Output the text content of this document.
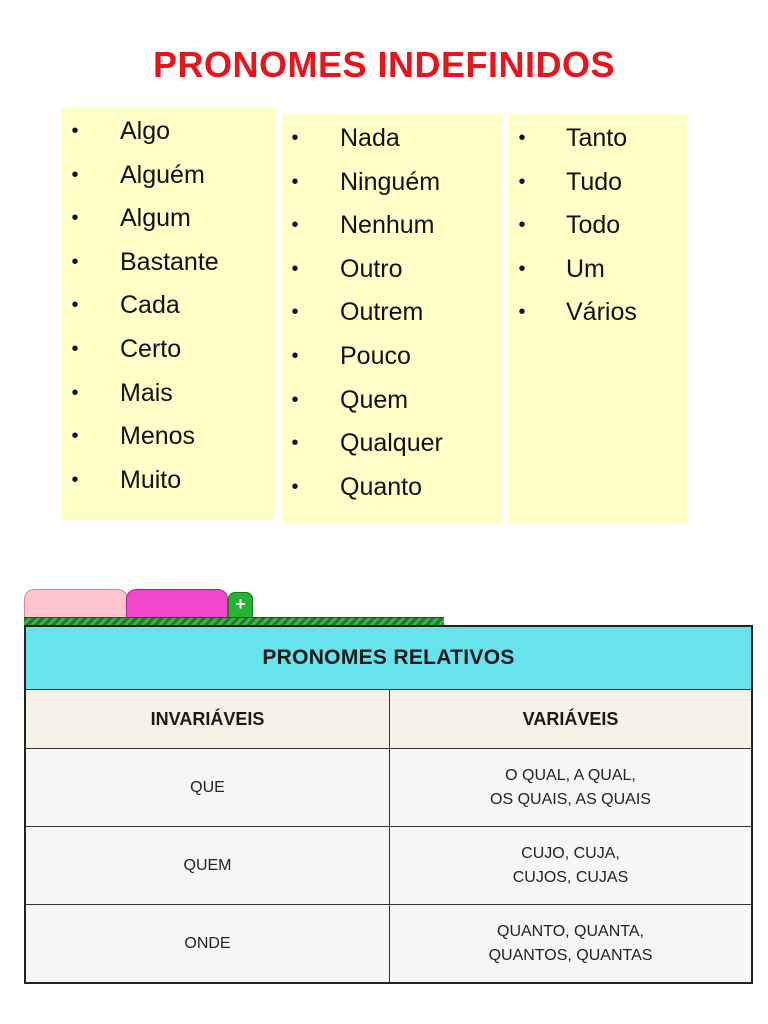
PRONOMES INDEFINIDOS
• Algo
• Alguém
• Algum
• Bastante
• Cada
• Certo
• Mais
• Menos
• Muito
• Nada
• Ninguém
• Nenhum
• Outro
• Outrem
• Pouco
• Quem
• Qualquer
• Quanto
• Tanto
• Tudo
• Todo
• Um
• Vários
+
PRONOMES RELATIVOS	
INVARIÁVEIS	VARIÁVEIS
QUE	O QUAL, A QUAL,
OS QUAIS, AS QUAIS

QUEM	CUJO, CUJA,
CUJOS, CUJAS

ONDE	QUANTO, QUANTA,
QUANTOS, QUANTAS
